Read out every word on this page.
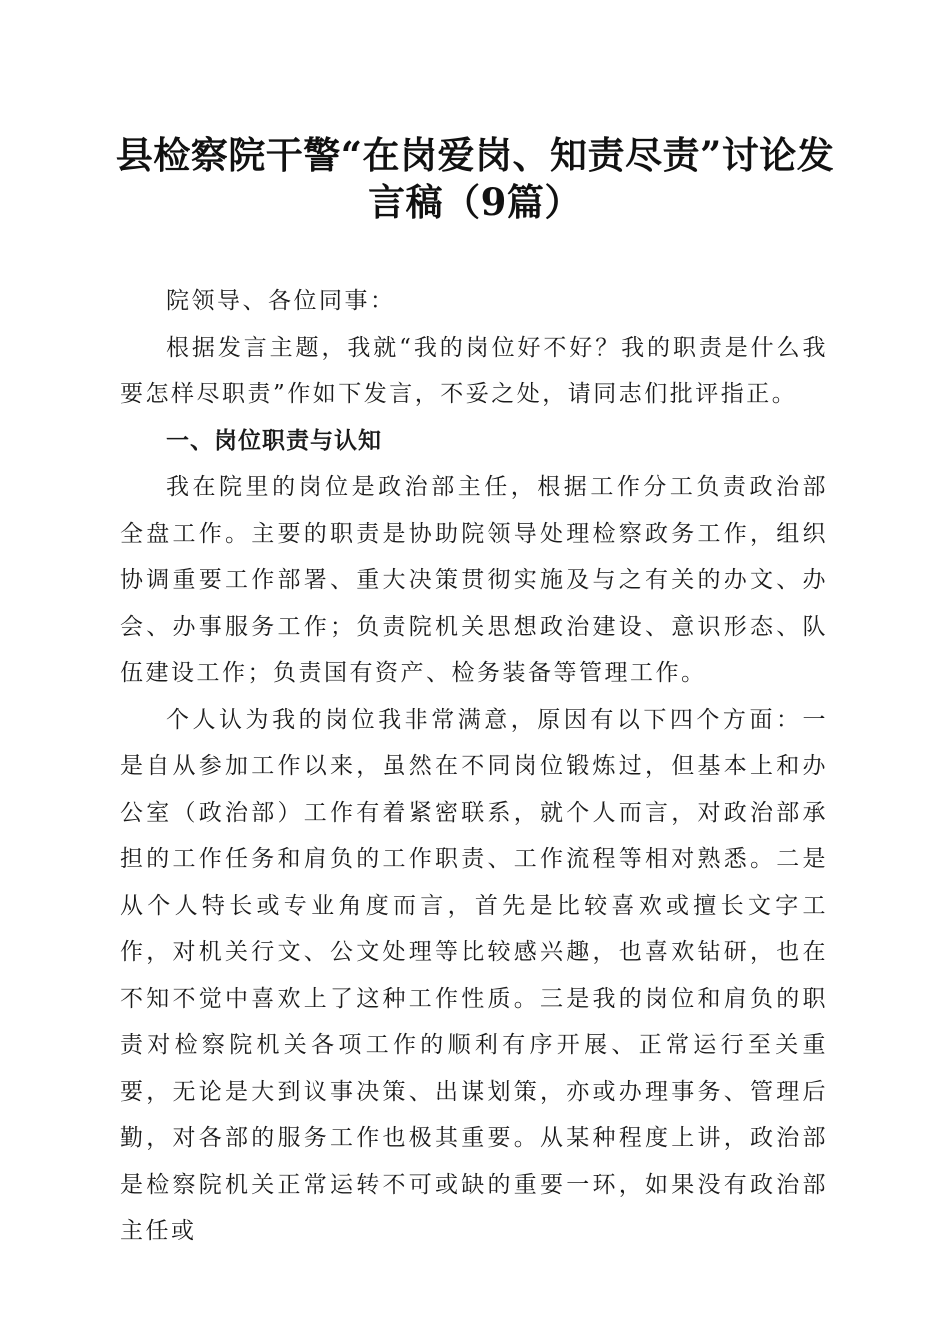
县检察院干警“在岗爱岗、知责尽责”讨论发
言稿（9篇）

院领导、各位同事：

根据发言主题，我就“我的岗位好不好？我的职责是什么我要怎样尽职责”作如下发言，不妥之处，请同志们批评指正。

一、岗位职责与认知

我在院里的岗位是政治部主任，根据工作分工负责政治部全盘工作。主要的职责是协助院领导处理检察政务工作，组织协调重要工作部署、重大决策贯彻实施及与之有关的办文、办会、办事服务工作；负责院机关思想政治建设、意识形态、队伍建设工作；负责国有资产、检务装备等管理工作。

个人认为我的岗位我非常满意，原因有以下四个方面：一是自从参加工作以来，虽然在不同岗位锻炼过，但基本上和办公室（政治部）工作有着紧密联系，就个人而言，对政治部承担的工作任务和肩负的工作职责、工作流程等相对熟悉。二是从个人特长或专业角度而言，首先是比较喜欢或擅长文字工作，对机关行文、公文处理等比较感兴趣，也喜欢钻研，也在不知不觉中喜欢上了这种工作性质。三是我的岗位和肩负的职责对检察院机关各项工作的顺利有序开展、正常运行至关重要，无论是大到议事决策、出谋划策，亦或办理事务、管理后勤，对各部的服务工作也极其重要。从某种程度上讲，政治部是检察院机关正常运转不可或缺的重要一环，如果没有政治部主任或
